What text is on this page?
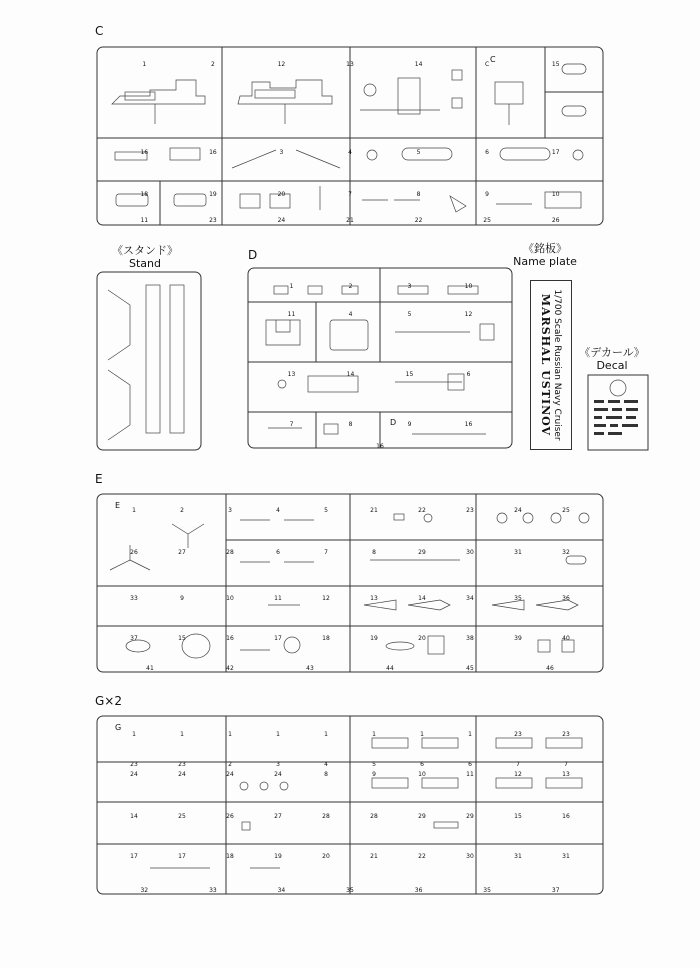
C
D
E
G×2
《スタンド》
Stand
《銘板》
Name plate
《デカール》
Decal
1/700 Scale Russian Navy Cruiser
MARSHAL USTINOV
1	2	12	13	14	C	15
16	16	3	4	5	6	17
18	19	20	7	8	9	10
11	23	24	21	22	25	26
1	2	3	10
11	4	5	12
13	14	15	6
7	8	9	16
16
1	2	3	4	5	21	22	23	24	25
26	27	28	6	7	8	29	30	31	32
33	9	10	11	12	13	14	34	35	36
37	15	16	17	18	19	20	38	39	40
41	42	43	44	45	46
1	1	1	1	1	1	1	1	23	23
23	23	2	3	4	5	6	6	7	7
24	24	24	24	8	9	10	11	12	13
14	25	26	27	28	28	29	29	15	16
17	17	18	19	20	21	22	30	31	31
32	33	34	35	36	35	37
C
D
E
G
